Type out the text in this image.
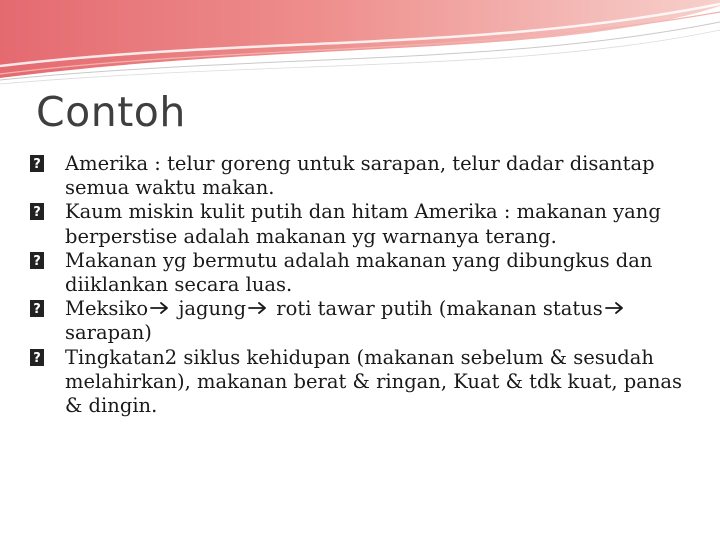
Contoh
?
Amerika : telur goreng untuk sarapan, telur dadar disantap semua waktu makan.
?
Kaum miskin kulit putih dan hitam Amerika : makanan yang berperstise adalah makanan yg warnanya terang.
?
Makanan yg bermutu adalah makanan yang dibungkus dan diiklankan secara luas.
?
Meksiko jagung roti tawar putih (makanan statussarapan)
?
Tingkatan2 siklus kehidupan (makanan sebelum & sesudah melahirkan), makanan berat & ringan, Kuat & tdk kuat, panas & dingin.
